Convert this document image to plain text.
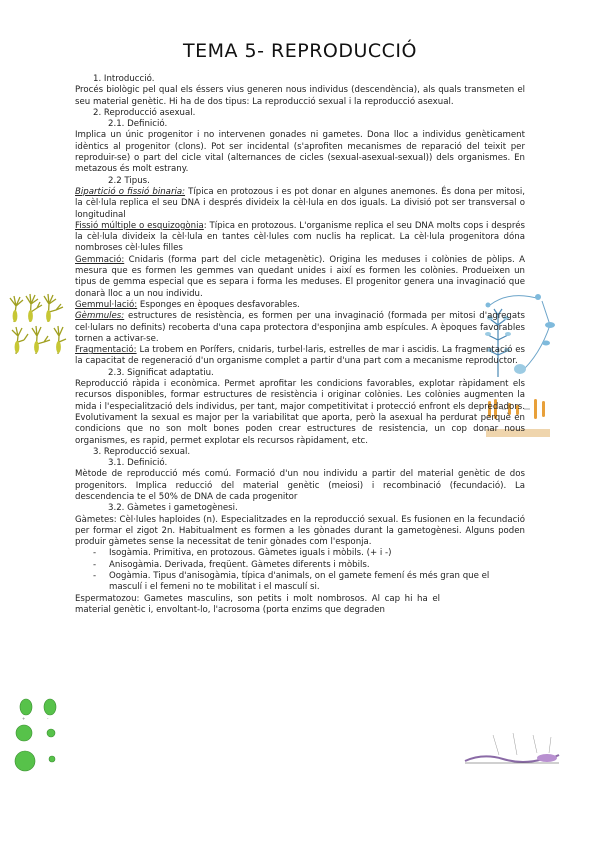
TEMA 5- REPRODUCCIÓ
+	-
1. Introducció.

Procés biològic pel qual els éssers vius generen nous individus (descendència), als quals transmeten el seu material genètic. Hi ha de dos tipus: La reproducció sexual i la reproducció asexual.

2. Reproducció asexual.
2.1. Definició.

Implica un únic progenitor i no intervenen gonades ni gametes. Dona lloc a individus genèticament idèntics al progenitor (clons). Pot ser incidental (s'aprofiten mecanismes de reparació del teixit per reproduir-se) o part del cicle vital (alternances de cicles (sexual-asexual-sexual)) dels organismes. En metazous és molt estrany.

2.2 Tipus.

Bipartició o fissió binaria: Típica en protozous i es pot donar en algunes anemones. És dona per mitosi, la cèl·lula replica el seu DNA i després divideix la cèl·lula en dos iguals. La divisió pot ser transversal o longitudinal

Fissió múltiple o esquizogònia: Típica en protozous. L'organisme replica el seu DNA molts cops i després la cèl·lula divideix la cèl·lula en tantes cèl·lules com nuclis ha replicat. La cèl·lula progenitora dóna nombroses cèl·lules filles

Gemmació: Cnidaris (forma part del cicle metagenètic). Origina les meduses i colònies de pòlips. A mesura que es formen les gemmes van quedant unides i així es formen les colònies. Produeixen un tipus de gemma especial que es separa i forma les meduses. El progenitor genera una invaginació que donarà lloc a un nou individu.

Gemmul·lació: Esponges en èpoques desfavorables.

Gèmmules: estructures de resistència, es formen per una invaginació (formada per mitosi d'agregats cel·lulars no definits) recoberta d'una capa protectora d'esponjina amb espícules. A èpoques favorables tornen a activar-se.

Fragmentació: La trobem en Porífers, cnidaris, turbel·laris, estrelles de mar i ascidis. La fragmentació es la capacitat de regeneració d'un organisme complet a partir d'una part com a mecanisme reproductor.

2.3. Significat adaptatiu.

Reproducció ràpida i econòmica. Permet aprofitar les condicions favorables, explotar ràpidament els recursos disponibles, formar estructures de resistència i originar colònies. Les colònies augmenten la mida i l'especialització dels individus, per tant, major competitivitat i protecció enfront els depredadors. Evolutivament la sexual es major per la variabilitat que aporta, però la asexual ha perdurat perquè en condicions que no son molt bones poden crear estructures de resistencia, un cop donar nous organismes, es rapid, permet explotar els recursos ràpidament, etc.

3. Reproducció sexual.
3.1. Definició.

Mètode de reproducció més comú. Formació d'un nou individu a partir del material genètic de dos progenitors. Implica reducció del material genètic (meiosi) i recombinació (fecundació). La descendencia te el 50% de DNA de cada progenitor

3.2. Gàmetes i gametogènesi.

Gàmetes: Cèl·lules haploides (n). Especialitzades en la reproducció sexual. Es fusionen en la fecundació per formar el zigot 2n. Habitualment es formen a les gònades durant la gametogènesi. Alguns poden produir gàmetes sense la necessitat de tenir gònades com l'esponja.

-	Isogàmia. Primitiva, en protozous. Gàmetes iguals i mòbils. (+ i -)
-	Anisogàmia. Derivada, freqüent. Gàmetes diferents i mòbils.
-	Oogàmia. Tipus d'anisogàmia, típica d'animals, on el gamete femení és més gran que el masculí i el femeni no te mobilitat i el masculí si.

Espermatozou: Gametes masculins, son petits i molt nombrosos. Al cap hi ha el material genètic i, envoltant-lo, l'acrosoma (porta enzims que degraden
